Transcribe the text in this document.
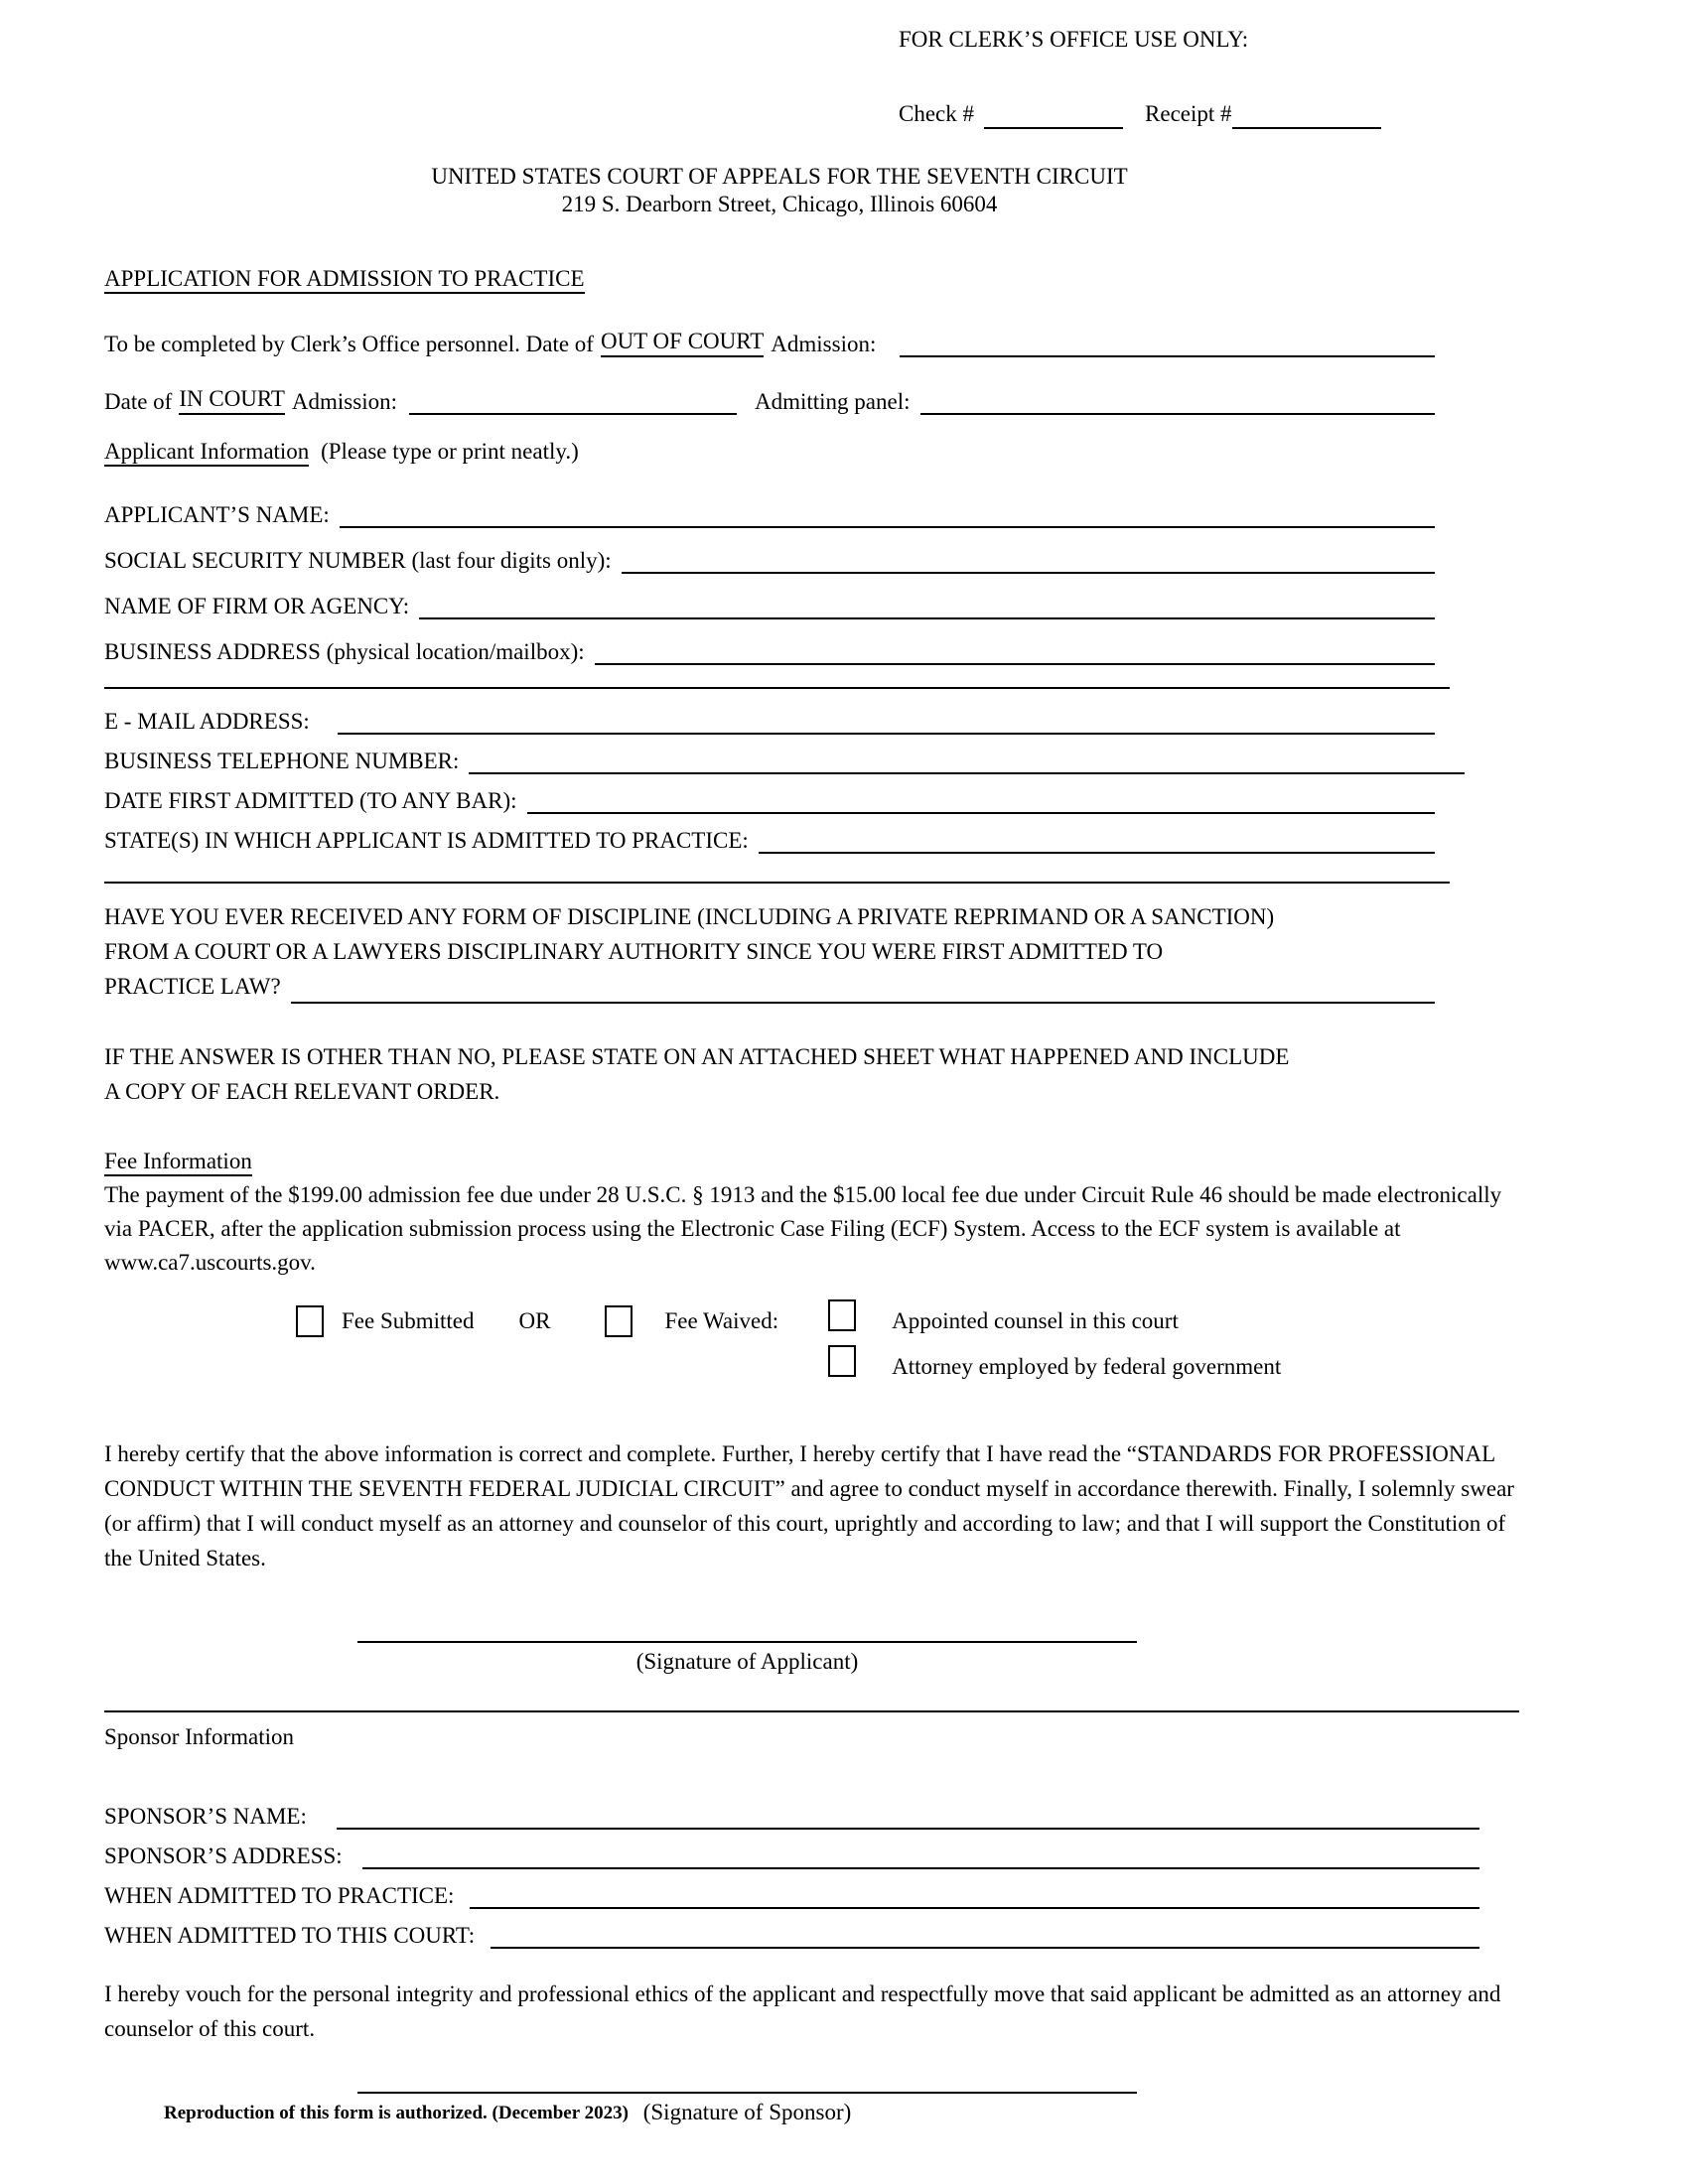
FOR CLERK’S OFFICE USE ONLY:
Check #	Receipt #
UNITED STATES COURT OF APPEALS FOR THE SEVENTH CIRCUIT
219 S. Dearborn Street, Chicago, Illinois 60604
APPLICATION FOR ADMISSION TO PRACTICE
To be completed by Clerk’s Office personnel. Date of OUT OF COURT Admission:
Date of IN COURT Admission:	Admitting panel:
Applicant Information (Please type or print neatly.)
APPLICANT’S NAME:
SOCIAL SECURITY NUMBER (last four digits only):
NAME OF FIRM OR AGENCY:
BUSINESS ADDRESS (physical location/mailbox):
E - MAIL ADDRESS:
BUSINESS TELEPHONE NUMBER:
DATE FIRST ADMITTED (TO ANY BAR):
STATE(S) IN WHICH APPLICANT IS ADMITTED TO PRACTICE:
HAVE YOU EVER RECEIVED ANY FORM OF DISCIPLINE (INCLUDING A PRIVATE REPRIMAND OR A SANCTION)
FROM A COURT OR A LAWYERS DISCIPLINARY AUTHORITY SINCE YOU WERE FIRST ADMITTED TO
PRACTICE LAW?
IF THE ANSWER IS OTHER THAN NO, PLEASE STATE ON AN ATTACHED SHEET WHAT HAPPENED AND INCLUDE
A COPY OF EACH RELEVANT ORDER.
Fee Information
The payment of the $199.00 admission fee due under 28 U.S.C. § 1913 and the $15.00 local fee due under Circuit Rule 46 should be made electronically via PACER, after the application submission process using the Electronic Case Filing (ECF) System. Access to the ECF system is available at www.ca7.uscourts.gov.
Fee Submitted OR	Fee Waived:	Appointed counsel in this court
Attorney employed by federal government
I hereby certify that the above information is correct and complete. Further, I hereby certify that I have read the “STANDARDS FOR PROFESSIONAL CONDUCT WITHIN THE SEVENTH FEDERAL JUDICIAL CIRCUIT” and agree to conduct myself in accordance therewith. Finally, I solemnly swear (or affirm) that I will conduct myself as an attorney and counselor of this court, uprightly and according to law; and that I will support the Constitution of the United States.
(Signature of Applicant)
Sponsor Information
SPONSOR’S NAME:
SPONSOR’S ADDRESS:
WHEN ADMITTED TO PRACTICE:
WHEN ADMITTED TO THIS COURT:
I hereby vouch for the personal integrity and professional ethics of the applicant and respectfully move that said applicant be admitted as an attorney and counselor of this court.
(Signature of Sponsor)
Reproduction of this form is authorized. (December 2023)
